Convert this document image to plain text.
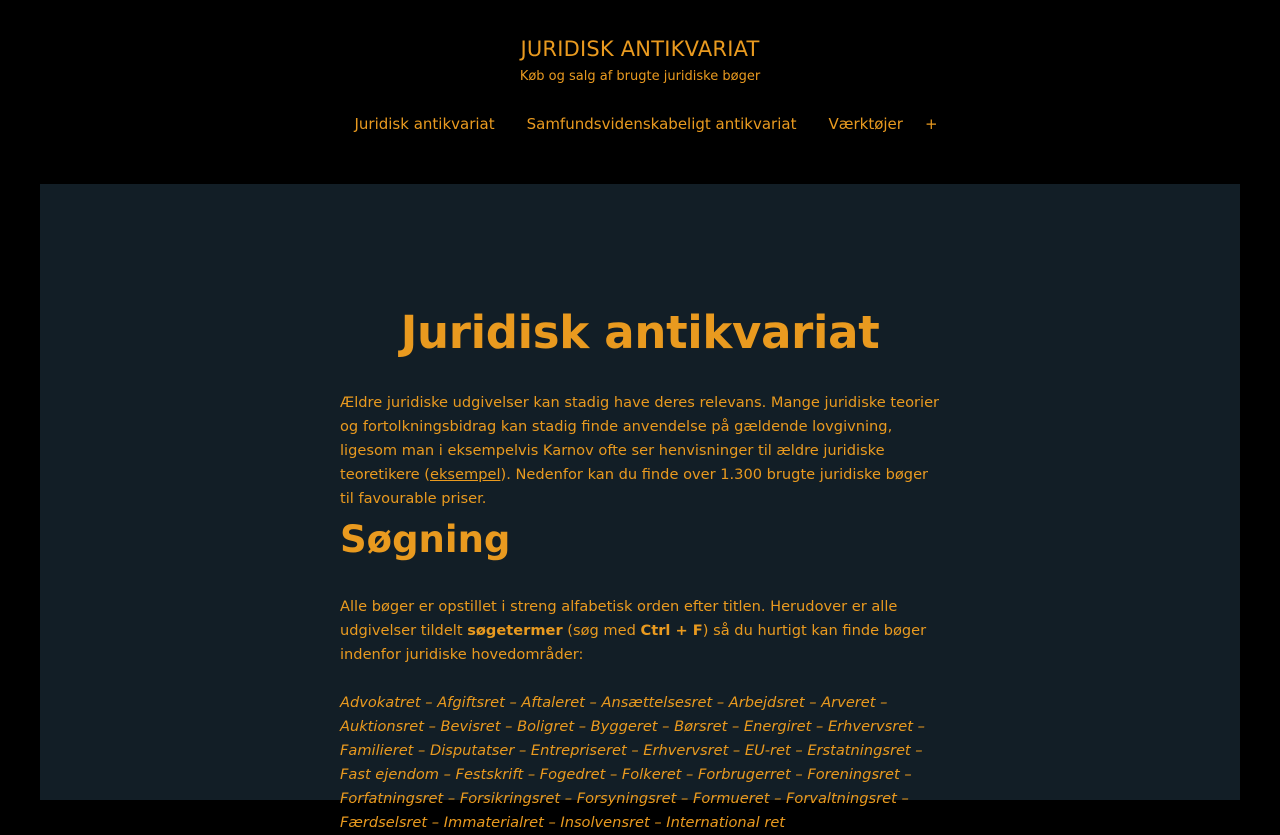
JURIDISK ANTIKVARIAT
Køb og salg af brugte juridiske bøger
Juridisk antikvariat	Samfundsvidenskabeligt antikvariat	Værktøjer	+
Juridisk antikvariat

Ældre juridiske udgivelser kan stadig have deres relevans. Mange juridiske teorier og fortolkningsbidrag kan stadig finde anvendelse på gældende lovgivning, ligesom man i eksempelvis Karnov ofte ser henvisninger til ældre juridiske teoretikere (eksempel). Nedenfor kan du finde over 1.300 brugte juridiske bøger til favourable priser.

Søgning

Alle bøger er opstillet i streng alfabetisk orden efter titlen. Herudover er alle udgivelser tildelt søgetermer (søg med Ctrl + F) så du hurtigt kan finde bøger indenfor juridiske hovedområder:

Advokatret – Afgiftsret – Aftaleret – Ansættelsesret – Arbejdsret – Arveret – Auktionsret – Bevisret – Boligret – Byggeret – Børsret – Energiret – Erhvervsret – Familieret – Disputatser – Entrepriseret – Erhvervsret – EU-ret – Erstatningsret – Fast ejendom – Festskrift – Fogedret – Folkeret – Forbrugerret – Foreningsret – Forfatningsret – Forsikringsret – Forsyningsret – Formueret – Forvaltningsret – Færdselsret – Immaterialret – Insolvensret – International ret
